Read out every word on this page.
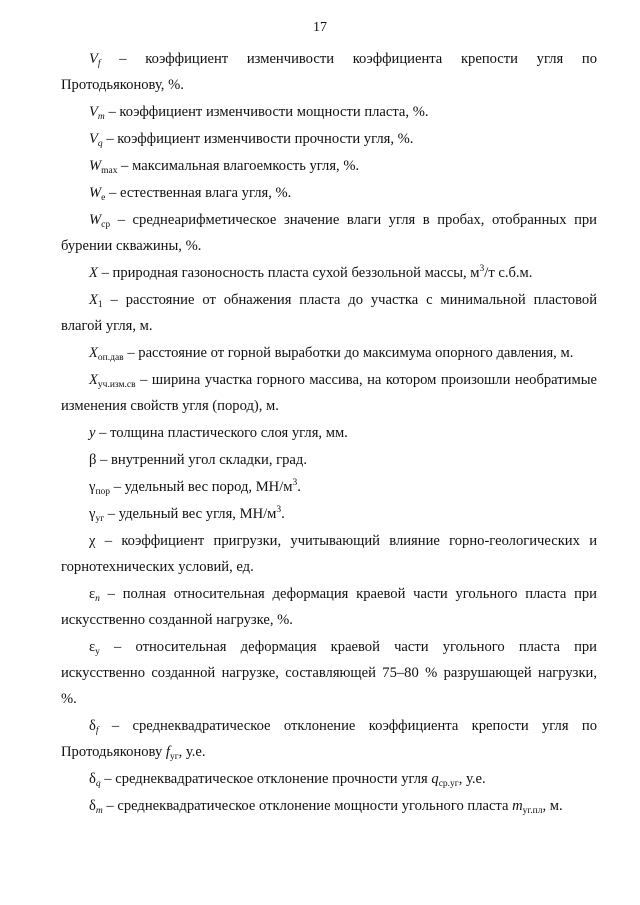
17

$V_f$ – коэффициент изменчивости коэффициента крепости угля по Протодьяконову, %.

$V_m$ – коэффициент изменчивости мощности пласта, %.

$V_q$ – коэффициент изменчивости прочности угля, %.

$W_{max}$ – максимальная влагоемкость угля, %.

$W_e$ – естественная влага угля, %.

$W_{ср}$ – среднеарифметическое значение влаги угля в пробах, отобранных при бурении скважины, %.

X – природная газоносность пласта сухой беззольной массы, $м^3/т$ с.б.м.

$X_1$ – расстояние от обнажения пласта до участка с минимальной пластовой влагой угля, м.

$X_{оп.дав}$ – расстояние от горной выработки до максимума опорного давления, м.

$X_{уч.изм.св}$ – ширина участка горного массива, на котором произошли необратимые изменения свойств угля (пород), м.

y – толщина пластического слоя угля, мм.

β – внутренний угол складки, град.

$\gamma_{пор}$ – удельный вес пород, $МН/м^3$.

$\gamma_{уг}$ – удельный вес угля, $МН/м^3$.

χ – коэффициент пригрузки, учитывающий влияние горно-геологических и горнотехнических условий, ед.

$\varepsilon_п$ – полная относительная деформация краевой части угольного пласта при искусственно созданной нагрузке, %.

$\varepsilon_у$ – относительная деформация краевой части угольного пласта при искусственно созданной нагрузке, составляющей 75–80 % разрушающей нагрузки, %.

$\delta_f$ – среднеквадратическое отклонение коэффициента крепости угля по Протодьяконову $f_{уг}$, у.е.

$\delta_q$ – среднеквадратическое отклонение прочности угля $q_{ср.уг}$, у.е.

$\delta_m$ – среднеквадратическое отклонение мощности угольного пласта $m_{уг.пл}$, м.
